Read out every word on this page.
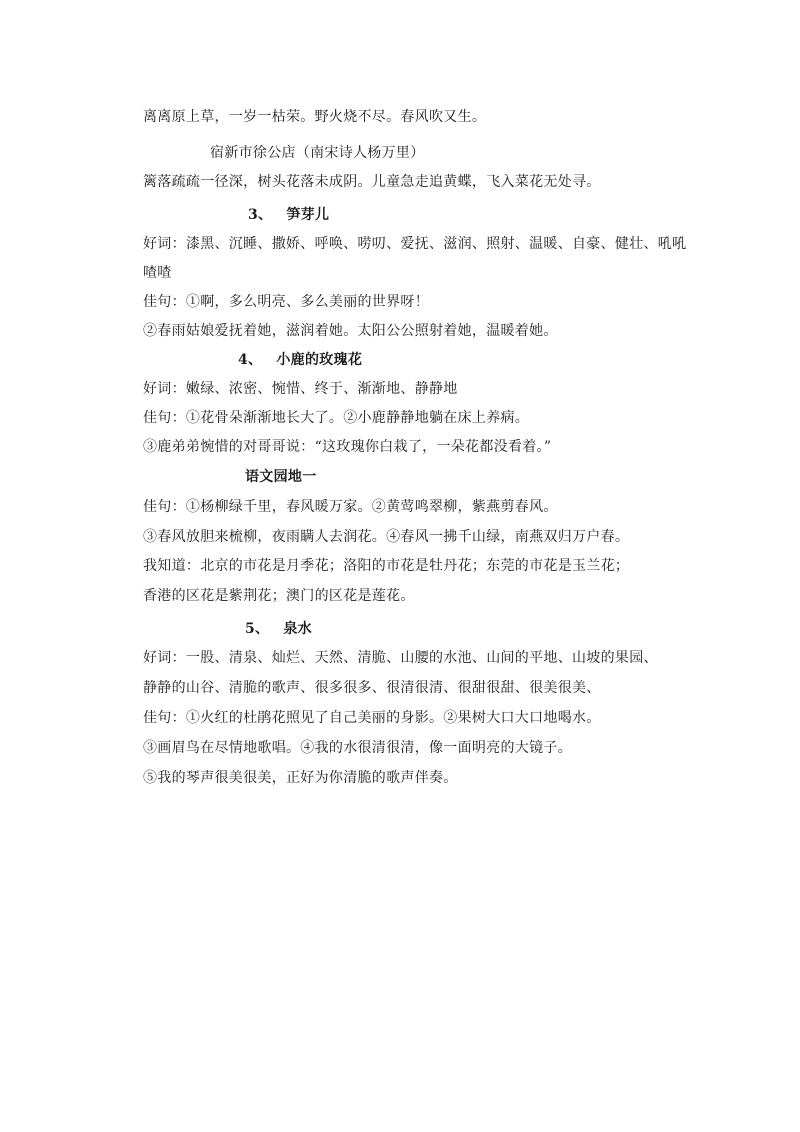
离离原上草，一岁一枯荣。野火烧不尽。春风吹又生。
宿新市徐公店（南宋诗人杨万里）
篱落疏疏一径深，树头花落未成阴。儿童急走追黄蝶，飞入菜花无处寻。
3、 笋芽儿
好词：漆黑、沉睡、撒娇、呼唤、唠叨、爱抚、滋润、照射、温暖、自豪、健壮、吼吼
喳喳
佳句：①啊，多么明亮、多么美丽的世界呀！
②春雨姑娘爱抚着她，滋润着她。太阳公公照射着她，温暖着她。
4、 小鹿的玫瑰花
好词：嫩绿、浓密、惋惜、终于、渐渐地、静静地
佳句：①花骨朵渐渐地长大了。②小鹿静静地躺在床上养病。
③鹿弟弟惋惜的对哥哥说：“这玫瑰你白栽了，一朵花都没看着。”
语文园地一
佳句：①杨柳绿千里，春风暖万家。②黄莺鸣翠柳，紫燕剪春风。
③春风放胆来梳柳，夜雨瞒人去润花。④春风一拂千山绿，南燕双归万户春。
我知道：北京的市花是月季花；洛阳的市花是牡丹花；东莞的市花是玉兰花；
香港的区花是紫荆花；澳门的区花是莲花。
5、 泉水
好词：一股、清泉、灿烂、天然、清脆、山腰的水池、山间的平地、山坡的果园、
静静的山谷、清脆的歌声、很多很多、很清很清、很甜很甜、很美很美、
佳句：①火红的杜鹃花照见了自己美丽的身影。②果树大口大口地喝水。
③画眉鸟在尽情地歌唱。④我的水很清很清，像一面明亮的大镜子。
⑤我的琴声很美很美，正好为你清脆的歌声伴奏。
